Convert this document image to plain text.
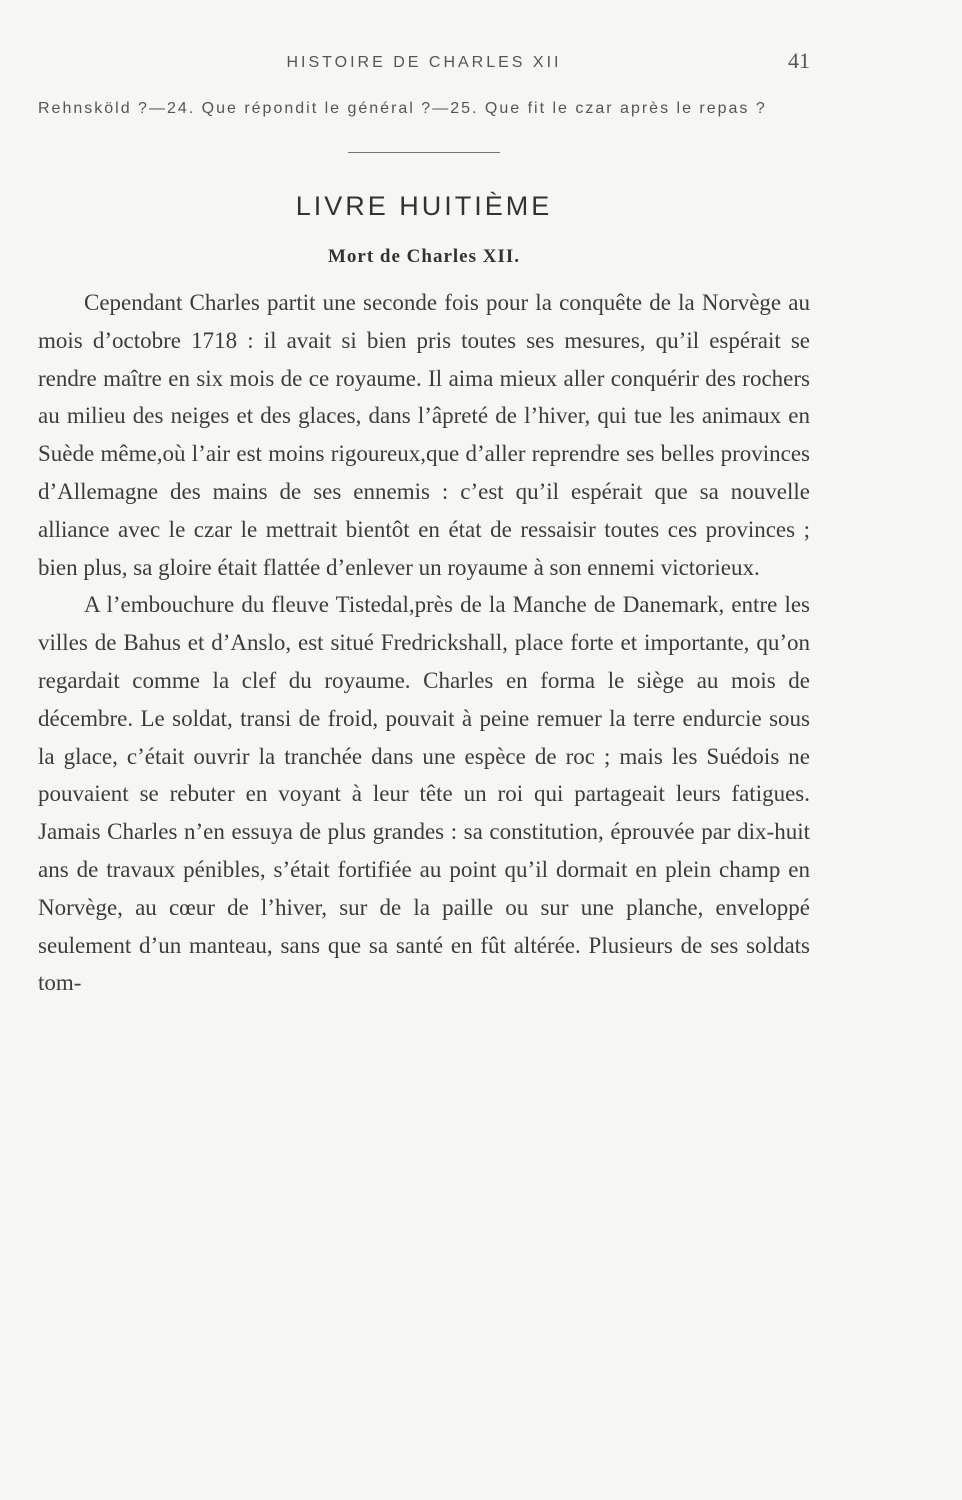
HISTOIRE DE CHARLES XII	41
Rehnsköld ?—24. Que répondit le général ?—25. Que fit le czar après le repas ?
LIVRE HUITIÈME
Mort de Charles XII.

Cependant Charles partit une seconde fois pour la conquête de la Norvège au mois d’octobre 1718 : il avait si bien pris toutes ses mesures, qu’il espérait se rendre maître en six mois de ce royaume. Il aima mieux aller conquérir des rochers au milieu des neiges et des glaces, dans l’âpreté de l’hiver, qui tue les animaux en Suède même,où l’air est moins rigoureux,que d’aller reprendre ses belles provinces d’Allemagne des mains de ses ennemis : c’est qu’il espérait que sa nouvelle alliance avec le czar le mettrait bientôt en état de ressaisir toutes ces provinces ; bien plus, sa gloire était flattée d’enlever un royaume à son ennemi victorieux.

A l’embouchure du fleuve Tistedal,près de la Manche de Danemark, entre les villes de Bahus et d’Anslo, est situé Fredrickshall, place forte et importante, qu’on regardait comme la clef du royaume. Charles en forma le siège au mois de décembre. Le soldat, transi de froid, pouvait à peine remuer la terre endurcie sous la glace, c’était ouvrir la tranchée dans une espèce de roc ; mais les Suédois ne pouvaient se rebuter en voyant à leur tête un roi qui partageait leurs fatigues. Jamais Charles n’en essuya de plus grandes : sa constitution, éprouvée par dix-huit ans de travaux pénibles, s’était fortifiée au point qu’il dormait en plein champ en Norvège, au cœur de l’hiver, sur de la paille ou sur une planche, enveloppé seulement d’un manteau, sans que sa santé en fût altérée. Plusieurs de ses soldats tom-
